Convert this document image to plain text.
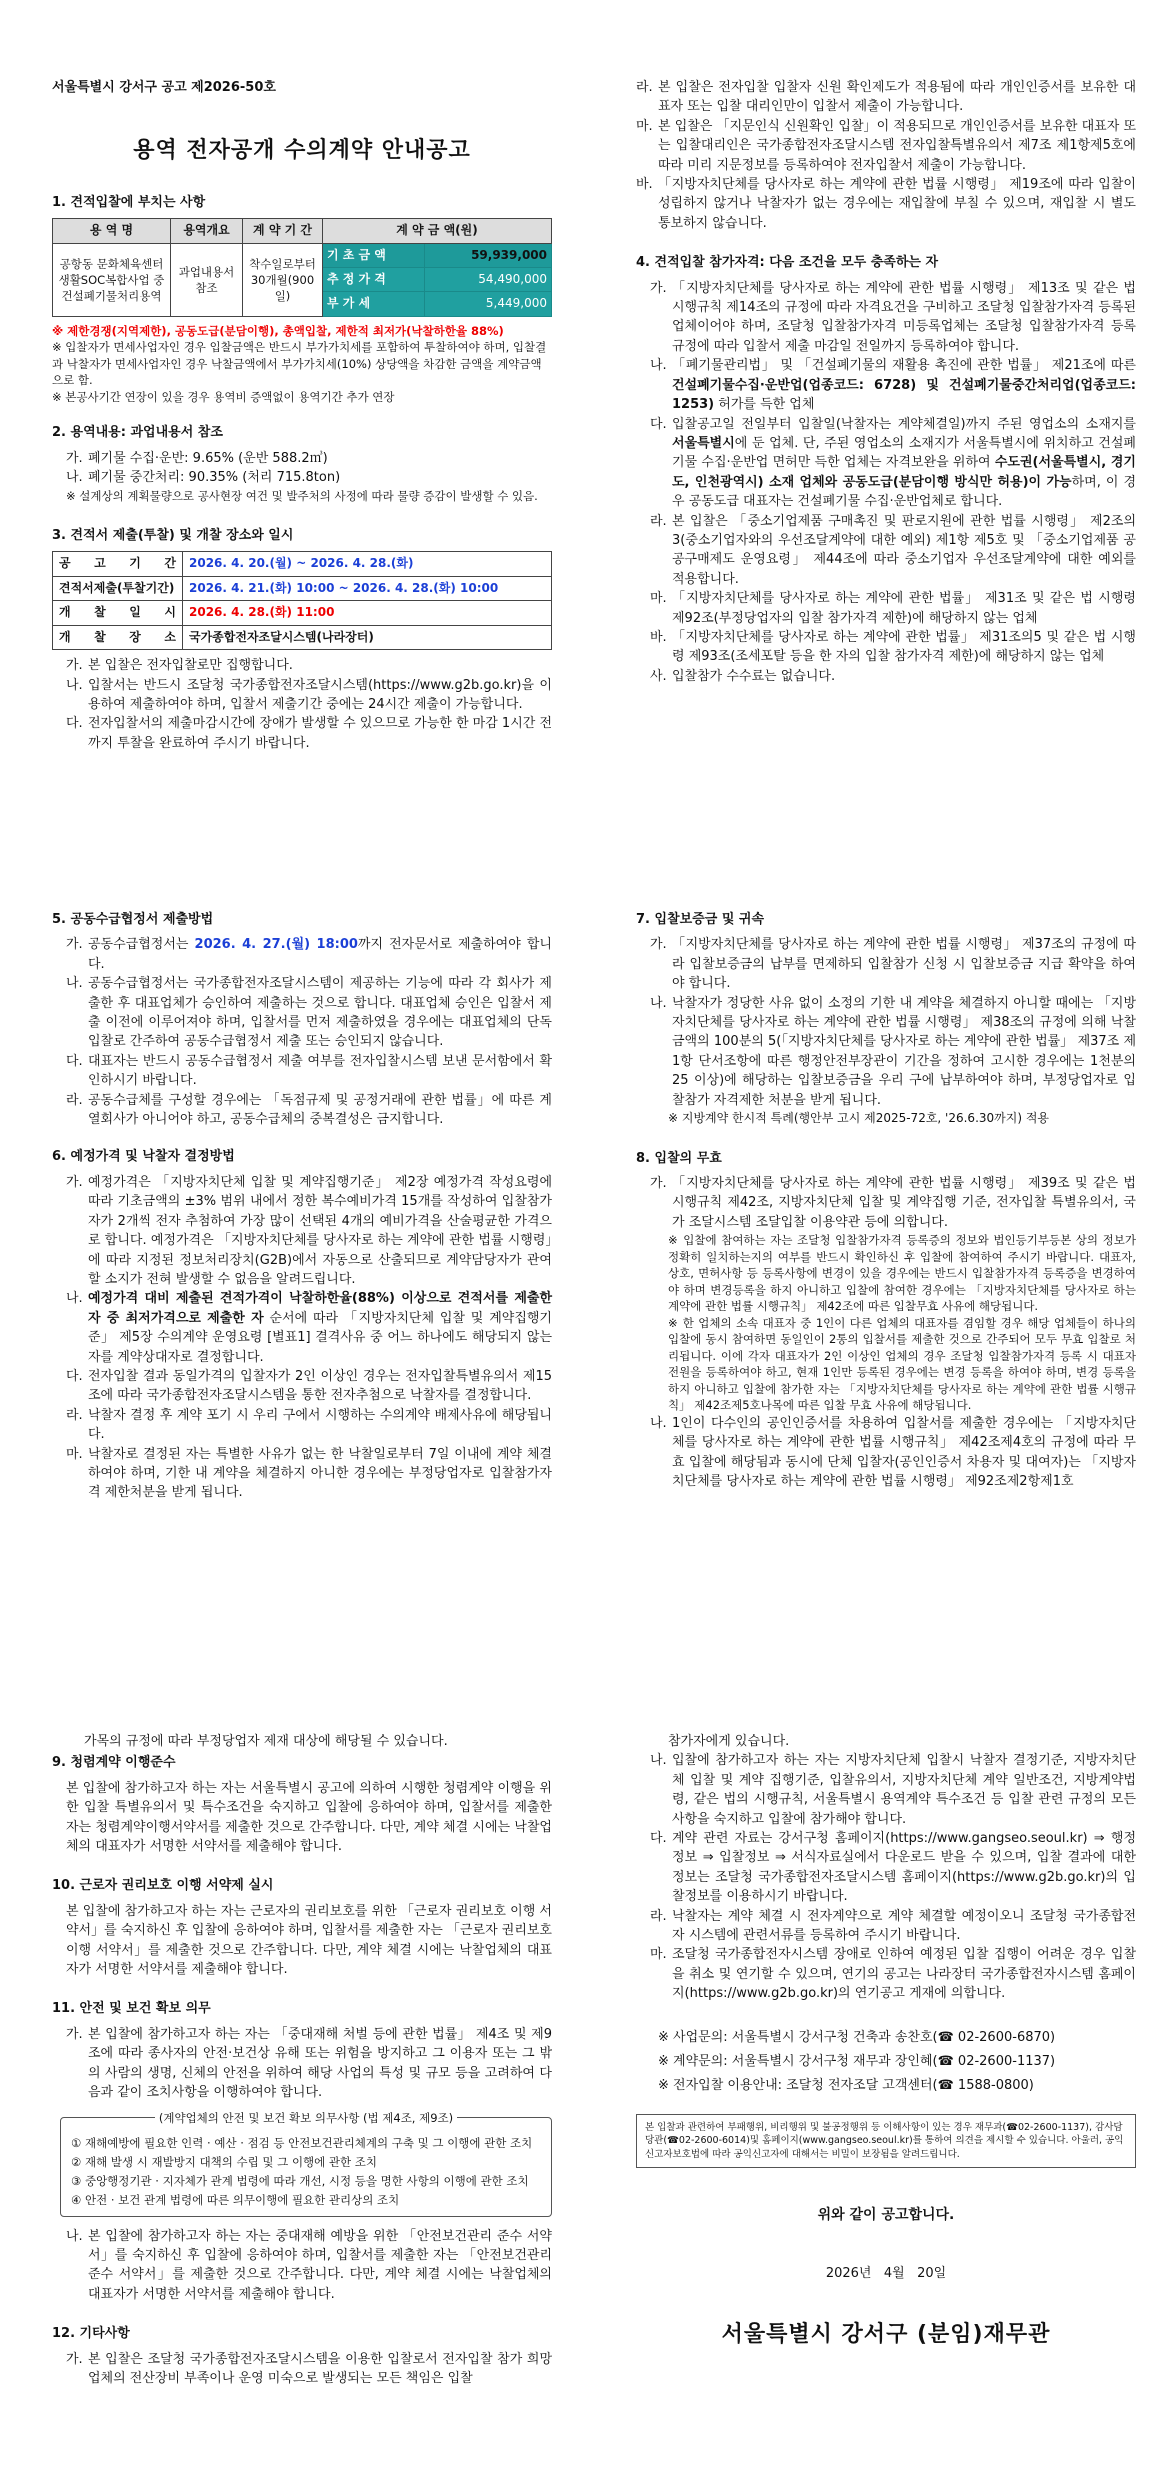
서울특별시 강서구 공고 제2026-50호
용역 전자공개 수의계약 안내공고
1. 견적입찰에 부치는 사항
용 역 명	용역개요	계 약 기 간	계 약 금 액(원)	
공항동 문화체육센터 생활SOC복합사업 중 건설폐기물처리용역	과업내용서 참조	착수일로부터 30개월(900일)	기 초 금 액	59,939,000
			추 정 가 격	54,490,000
			부 가 세	5,449,000
※ 제한경쟁(지역제한), 공동도급(분담이행), 총액입찰, 제한적 최저가(낙찰하한율 88%)
※ 입찰자가 면세사업자인 경우 입찰금액은 반드시 부가가치세를 포함하여 투찰하여야 하며, 입찰결과 낙찰자가 면세사업자인 경우 낙찰금액에서 부가가치세(10%) 상당액을 차감한 금액을 계약금액으로 함.
※ 본공사기간 연장이 있을 경우 용역비 증액없이 용역기간 추가 연장
2. 용역내용: 과업내용서 참조
가. 폐기물 수집·운반: 9.65% (운반 588.2㎥)
나. 폐기물 중간처리: 90.35% (처리 715.8ton)
※ 설계상의 계획물량으로 공사현장 여건 및 발주처의 사정에 따라 물량 증감이 발생할 수 있음.
3. 견적서 제출(투찰) 및 개찰 장소와 일시
공 고 기 간	2026. 4. 20.(월) ~ 2026. 4. 28.(화)
견적서제출(투찰기간)	2026. 4. 21.(화) 10:00 ~ 2026. 4. 28.(화) 10:00
개 찰 일 시	2026. 4. 28.(화) 11:00
개 찰 장 소	국가종합전자조달시스템(나라장터)
가. 본 입찰은 전자입찰로만 집행합니다.
나. 입찰서는 반드시 조달청 국가종합전자조달시스템(https://www.g2b.go.kr)을 이용하여 제출하여야 하며, 입찰서 제출기간 중에는 24시간 제출이 가능합니다.
다. 전자입찰서의 제출마감시간에 장애가 발생할 수 있으므로 가능한 한 마감 1시간 전까지 투찰을 완료하여 주시기 바랍니다.
라. 본 입찰은 전자입찰 입찰자 신원 확인제도가 적용됨에 따라 개인인증서를 보유한 대표자 또는 입찰 대리인만이 입찰서 제출이 가능합니다.
마. 본 입찰은 「지문인식 신원확인 입찰」이 적용되므로 개인인증서를 보유한 대표자 또는 입찰대리인은 국가종합전자조달시스템 전자입찰특별유의서 제7조 제1항제5호에 따라 미리 지문정보를 등록하여야 전자입찰서 제출이 가능합니다.
바. 「지방자치단체를 당사자로 하는 계약에 관한 법률 시행령」 제19조에 따라 입찰이 성립하지 않거나 낙찰자가 없는 경우에는 재입찰에 부칠 수 있으며, 재입찰 시 별도 통보하지 않습니다.
4. 견적입찰 참가자격: 다음 조건을 모두 충족하는 자
가. 「지방자치단체를 당사자로 하는 계약에 관한 법률 시행령」 제13조 및 같은 법 시행규칙 제14조의 규정에 따라 자격요건을 구비하고 조달청 입찰참가자격 등록된 업체이어야 하며, 조달청 입찰참가자격 미등록업체는 조달청 입찰참가자격 등록 규정에 따라 입찰서 제출 마감일 전일까지 등록하여야 합니다.
나. 「폐기물관리법」 및 「건설폐기물의 재활용 촉진에 관한 법률」 제21조에 따른 건설폐기물수집·운반업(업종코드: 6728) 및 건설폐기물중간처리업(업종코드: 1253) 허가를 득한 업체
다. 입찰공고일 전일부터 입찰일(낙찰자는 계약체결일)까지 주된 영업소의 소재지를 서울특별시에 둔 업체. 단, 주된 영업소의 소재지가 서울특별시에 위치하고 건설폐기물 수집·운반업 면허만 득한 업체는 자격보완을 위하여 수도권(서울특별시, 경기도, 인천광역시) 소재 업체와 공동도급(분담이행 방식만 허용)이 가능하며, 이 경우 공동도급 대표자는 건설폐기물 수집·운반업체로 합니다.
라. 본 입찰은 「중소기업제품 구매촉진 및 판로지원에 관한 법률 시행령」 제2조의3(중소기업자와의 우선조달계약에 대한 예외) 제1항 제5호 및 「중소기업제품 공공구매제도 운영요령」 제44조에 따라 중소기업자 우선조달계약에 대한 예외를 적용합니다.
마. 「지방자치단체를 당사자로 하는 계약에 관한 법률」 제31조 및 같은 법 시행령 제92조(부정당업자의 입찰 참가자격 제한)에 해당하지 않는 업체
바. 「지방자치단체를 당사자로 하는 계약에 관한 법률」 제31조의5 및 같은 법 시행령 제93조(조세포탈 등을 한 자의 입찰 참가자격 제한)에 해당하지 않는 업체
사. 입찰참가 수수료는 없습니다.
5. 공동수급협정서 제출방법
가. 공동수급협정서는 2026. 4. 27.(월) 18:00까지 전자문서로 제출하여야 합니다.
나. 공동수급협정서는 국가종합전자조달시스템이 제공하는 기능에 따라 각 회사가 제출한 후 대표업체가 승인하여 제출하는 것으로 합니다. 대표업체 승인은 입찰서 제출 이전에 이루어져야 하며, 입찰서를 먼저 제출하였을 경우에는 대표업체의 단독입찰로 간주하여 공동수급협정서 제출 또는 승인되지 않습니다.
다. 대표자는 반드시 공동수급협정서 제출 여부를 전자입찰시스템 보낸 문서함에서 확인하시기 바랍니다.
라. 공동수급체를 구성할 경우에는 「독점규제 및 공정거래에 관한 법률」에 따른 계열회사가 아니어야 하고, 공동수급체의 중복결성은 금지합니다.
6. 예정가격 및 낙찰자 결정방법
가. 예정가격은 「지방자치단체 입찰 및 계약집행기준」 제2장 예정가격 작성요령에 따라 기초금액의 ±3% 범위 내에서 정한 복수예비가격 15개를 작성하여 입찰참가자가 2개씩 전자 추첨하여 가장 많이 선택된 4개의 예비가격을 산술평균한 가격으로 합니다. 예정가격은 「지방자치단체를 당사자로 하는 계약에 관한 법률 시행령」에 따라 지정된 정보처리장치(G2B)에서 자동으로 산출되므로 계약담당자가 관여할 소지가 전혀 발생할 수 없음을 알려드립니다.
나. 예정가격 대비 제출된 견적가격이 낙찰하한율(88%) 이상으로 견적서를 제출한 자 중 최저가격으로 제출한 자 순서에 따라 「지방자치단체 입찰 및 계약집행기준」 제5장 수의계약 운영요령 [별표1] 결격사유 중 어느 하나에도 해당되지 않는 자를 계약상대자로 결정합니다.
다. 전자입찰 결과 동일가격의 입찰자가 2인 이상인 경우는 전자입찰특별유의서 제15조에 따라 국가종합전자조달시스템을 통한 전자추첨으로 낙찰자를 결정합니다.
라. 낙찰자 결정 후 계약 포기 시 우리 구에서 시행하는 수의계약 배제사유에 해당됩니다.
마. 낙찰자로 결정된 자는 특별한 사유가 없는 한 낙찰일로부터 7일 이내에 계약 체결하여야 하며, 기한 내 계약을 체결하지 아니한 경우에는 부정당업자로 입찰참가자격 제한처분을 받게 됩니다.
7. 입찰보증금 및 귀속
가. 「지방자치단체를 당사자로 하는 계약에 관한 법률 시행령」 제37조의 규정에 따라 입찰보증금의 납부를 면제하되 입찰참가 신청 시 입찰보증금 지급 확약을 하여야 합니다.
나. 낙찰자가 정당한 사유 없이 소정의 기한 내 계약을 체결하지 아니할 때에는 「지방자치단체를 당사자로 하는 계약에 관한 법률 시행령」 제38조의 규정에 의해 낙찰금액의 100분의 5(「지방자치단체를 당사자로 하는 계약에 관한 법률」 제37조 제1항 단서조항에 따른 행정안전부장관이 기간을 정하여 고시한 경우에는 1천분의 25 이상)에 해당하는 입찰보증금을 우리 구에 납부하여야 하며, 부정당업자로 입찰참가 자격제한 처분을 받게 됩니다.
※ 지방계약 한시적 특례(행안부 고시 제2025-72호, '26.6.30까지) 적용
8. 입찰의 무효
가. 「지방자치단체를 당사자로 하는 계약에 관한 법률 시행령」 제39조 및 같은 법 시행규칙 제42조, 지방자치단체 입찰 및 계약집행 기준, 전자입찰 특별유의서, 국가 조달시스템 조달입찰 이용약관 등에 의합니다.
※ 입찰에 참여하는 자는 조달청 입찰참가자격 등록증의 정보와 법인등기부등본 상의 정보가 정확히 일치하는지의 여부를 반드시 확인하신 후 입찰에 참여하여 주시기 바랍니다. 대표자, 상호, 면허사항 등 등록사항에 변경이 있을 경우에는 반드시 입찰참가자격 등록증을 변경하여야 하며 변경등록을 하지 아니하고 입찰에 참여한 경우에는 「지방자치단체를 당사자로 하는 계약에 관한 법률 시행규칙」 제42조에 따른 입찰무효 사유에 해당됩니다.
※ 한 업체의 소속 대표자 중 1인이 다른 업체의 대표자를 겸임할 경우 해당 업체들이 하나의 입찰에 동시 참여하면 동일인이 2통의 입찰서를 제출한 것으로 간주되어 모두 무효 입찰로 처리됩니다. 이에 각자 대표자가 2인 이상인 업체의 경우 조달청 입찰참가자격 등록 시 대표자 전원을 등록하여야 하고, 현재 1인만 등록된 경우에는 변경 등록을 하여야 하며, 변경 등록을 하지 아니하고 입찰에 참가한 자는 「지방자치단체를 당사자로 하는 계약에 관한 법률 시행규칙」 제42조제5호나목에 따른 입찰 무효 사유에 해당됩니다.
나. 1인이 다수인의 공인인증서를 차용하여 입찰서를 제출한 경우에는 「지방자치단체를 당사자로 하는 계약에 관한 법률 시행규칙」 제42조제4호의 규정에 따라 무효 입찰에 해당됨과 동시에 단체 입찰자(공인인증서 차용자 및 대여자)는 「지방자치단체를 당사자로 하는 계약에 관한 법률 시행령」 제92조제2항제1호
가목의 규정에 따라 부정당업자 제재 대상에 해당될 수 있습니다.
9. 청렴계약 이행준수
본 입찰에 참가하고자 하는 자는 서울특별시 공고에 의하여 시행한 청렴계약 이행을 위한 입찰 특별유의서 및 특수조건을 숙지하고 입찰에 응하여야 하며, 입찰서를 제출한 자는 청렴계약이행서약서를 제출한 것으로 간주합니다. 다만, 계약 체결 시에는 낙찰업체의 대표자가 서명한 서약서를 제출해야 합니다.
10. 근로자 권리보호 이행 서약제 실시
본 입찰에 참가하고자 하는 자는 근로자의 권리보호를 위한 「근로자 권리보호 이행 서약서」를 숙지하신 후 입찰에 응하여야 하며, 입찰서를 제출한 자는 「근로자 권리보호 이행 서약서」를 제출한 것으로 간주합니다. 다만, 계약 체결 시에는 낙찰업체의 대표자가 서명한 서약서를 제출해야 합니다.
11. 안전 및 보건 확보 의무
가. 본 입찰에 참가하고자 하는 자는 「중대재해 처벌 등에 관한 법률」 제4조 및 제9조에 따라 종사자의 안전·보건상 유해 또는 위험을 방지하고 그 이용자 또는 그 밖의 사람의 생명, 신체의 안전을 위하여 해당 사업의 특성 및 규모 등을 고려하여 다음과 같이 조치사항을 이행하여야 합니다.
(계약업체의 안전 및 보건 확보 의무사항 (법 제4조, 제9조)
① 재해예방에 필요한 인력 · 예산 · 점검 등 안전보건관리체계의 구축 및 그 이행에 관한 조치
② 재해 발생 시 재발방지 대책의 수립 및 그 이행에 관한 조치
③ 중앙행정기관 · 지자체가 관계 법령에 따라 개선, 시정 등을 명한 사항의 이행에 관한 조치
④ 안전 · 보건 관계 법령에 따른 의무이행에 필요한 관리상의 조치
나. 본 입찰에 참가하고자 하는 자는 중대재해 예방을 위한 「안전보건관리 준수 서약서」를 숙지하신 후 입찰에 응하여야 하며, 입찰서를 제출한 자는 「안전보건관리 준수 서약서」를 제출한 것으로 간주합니다. 다만, 계약 체결 시에는 낙찰업체의 대표자가 서명한 서약서를 제출해야 합니다.
12. 기타사항
가. 본 입찰은 조달청 국가종합전자조달시스템을 이용한 입찰로서 전자입찰 참가 희망업체의 전산장비 부족이나 운영 미숙으로 발생되는 모든 책임은 입찰
참가자에게 있습니다.
나. 입찰에 참가하고자 하는 자는 지방자치단체 입찰시 낙찰자 결정기준, 지방자치단체 입찰 및 계약 집행기준, 입찰유의서, 지방자치단체 계약 일반조건, 지방계약법령, 같은 법의 시행규칙, 서울특별시 용역계약 특수조건 등 입찰 관련 규정의 모든 사항을 숙지하고 입찰에 참가해야 합니다.
다. 계약 관련 자료는 강서구청 홈페이지(https://www.gangseo.seoul.kr) ⇒ 행정정보 ⇒ 입찰정보 ⇒ 서식자료실에서 다운로드 받을 수 있으며, 입찰 결과에 대한 정보는 조달청 국가종합전자조달시스템 홈페이지(https://www.g2b.go.kr)의 입찰정보를 이용하시기 바랍니다.
라. 낙찰자는 계약 체결 시 전자계약으로 계약 체결할 예정이오니 조달청 국가종합전자 시스템에 관련서류를 등록하여 주시기 바랍니다.
마. 조달청 국가종합전자시스템 장애로 인하여 예정된 입찰 집행이 어려운 경우 입찰을 취소 및 연기할 수 있으며, 연기의 공고는 나라장터 국가종합전자시스템 홈페이지(https://www.g2b.go.kr)의 연기공고 게재에 의합니다.
※ 사업문의: 서울특별시 강서구청 건축과 송찬호(☎ 02-2600-6870)
※ 계약문의: 서울특별시 강서구청 재무과 장인혜(☎ 02-2600-1137)
※ 전자입찰 이용안내: 조달청 전자조달 고객센터(☎ 1588-0800)
본 입찰과 관련하여 부패행위, 비리행위 및 불공정행위 등 이해사항이 있는 경우 재무과(☎02-2600-1137), 감사담당관(☎02-2600-6014)및 홈페이지(www.gangseo.seoul.kr)를 통하여 의견을 제시할 수 있습니다. 아울러, 공익신고자보호법에 따라 공익신고자에 대해서는 비밀이 보장됨을 알려드립니다.
위와 같이 공고합니다.
2026년   4월   20일
서울특별시 강서구 (분임)재무관
